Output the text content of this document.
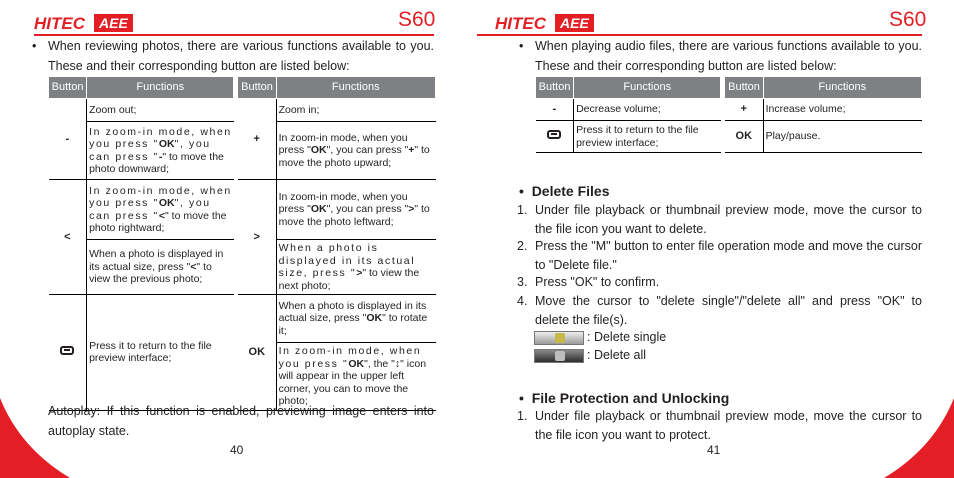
HITEC	AEE	S60
• When reviewing photos, there are various functions available to you. These and their corresponding button are listed below:
Button	Functions		Button	Functions
-	Zoom out;		+	Zoom in;
	In zoom-in mode, when you press "OK", you can press "-" to move the photo downward;			In zoom-in mode, when you press "OK", you can press "+" to move the photo upward;
<	In zoom-in mode, when you press "OK", you can press "<" to move the photo rightward;		>	In zoom-in mode, when you press "OK", you can press ">" to move the photo leftward;
	When a photo is displayed in its actual size, press "<" to view the previous photo;			When a photo is displayed in its actual size, press ">" to view the next photo;
	Press it to return to the file preview interface;		OK	When a photo is displayed in its actual size, press "OK" to rotate it;
				In zoom-in mode, when you press "OK", the "↕" icon will appear in the upper left corner, you can to move the photo;
Autoplay: If this function is enabled, previewing image enters into autoplay state.
40
HITEC	AEE	S60
• When playing audio files, there are various functions available to you. These and their corresponding button are listed below:
Button	Functions		Button	Functions
-	Decrease volume;		+	Increase volume;
	Press it to return to the file preview interface;		OK	Play/pause.
•  Delete Files
1. Under file playback or thumbnail preview mode, move the cursor to the file icon you want to delete.
2. Press the "M" button to enter file operation mode and move the cursor to "Delete file."
3. Press "OK" to confirm.
4. Move the cursor to "delete single"/"delete all" and press "OK" to delete the file(s).
: Delete single
: Delete all
•  File Protection and Unlocking
1. Under file playback or thumbnail preview mode, move the cursor to the file icon you want to protect.
41
